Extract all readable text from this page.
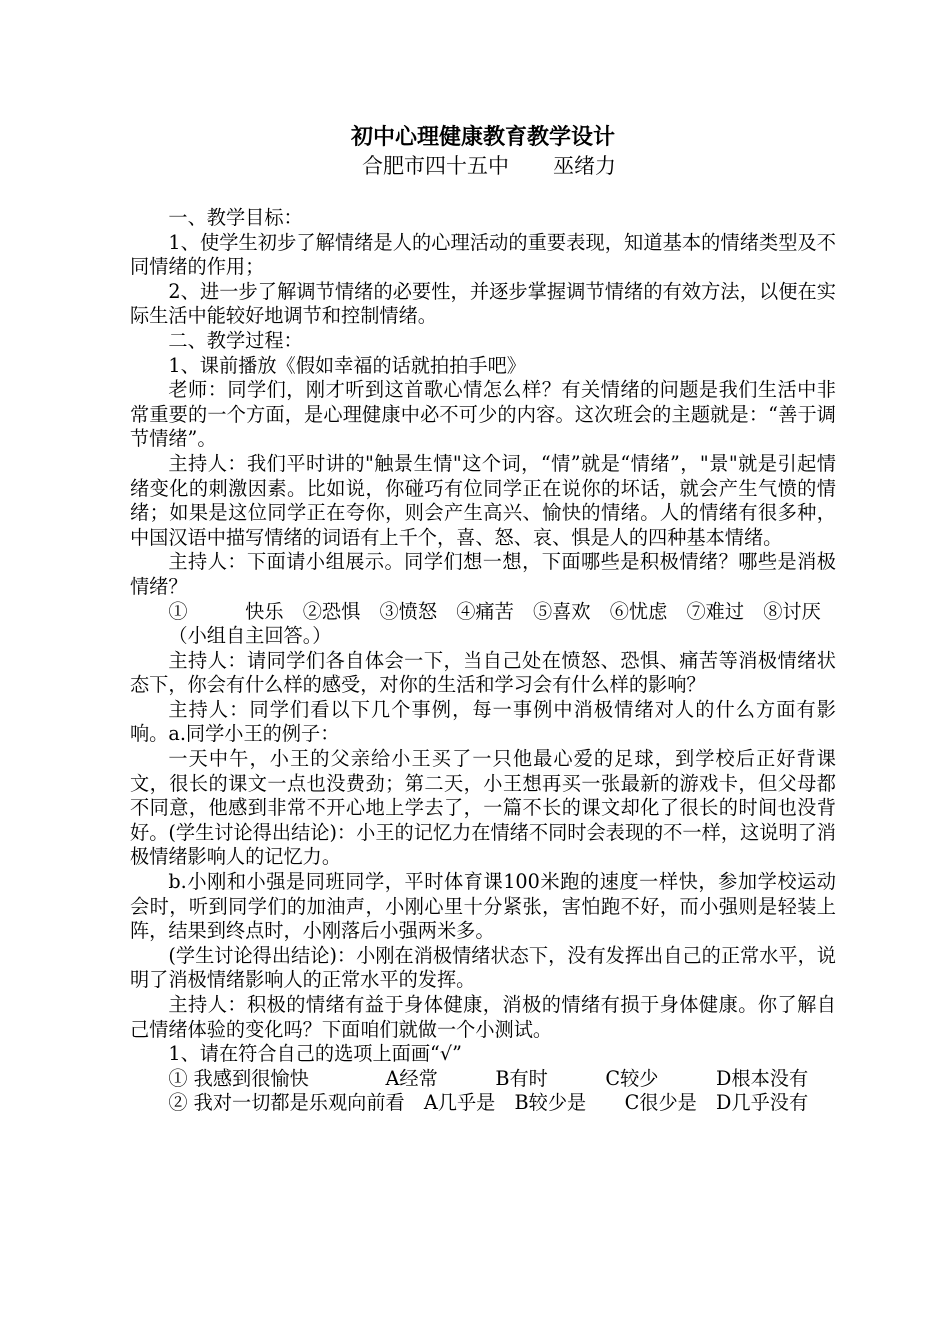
初中心理健康教育教学设计
合肥市四十五中 巫绪力

一、教学目标：

1、使学生初步了解情绪是人的心理活动的重要表现，知道基本的情绪类型及不同情绪的作用；

2、进一步了解调节情绪的必要性，并逐步掌握调节情绪的有效方法，以便在实际生活中能较好地调节和控制情绪。

二、教学过程：

1、课前播放《假如幸福的话就拍拍手吧》

老师：同学们，刚才听到这首歌心情怎么样？有关情绪的问题是我们生活中非常重要的一个方面，是心理健康中必不可少的内容。这次班会的主题就是：“善于调节情绪”。

主持人：我们平时讲的"触景生情"这个词，“情”就是“情绪”，"景"就是引起情绪变化的刺激因素。比如说，你碰巧有位同学正在说你的坏话，就会产生气愤的情绪；如果是这位同学正在夸你，则会产生高兴、愉快的情绪。人的情绪有很多种，中国汉语中描写情绪的词语有上千个，喜、怒、哀、惧是人的四种基本情绪。

主持人：下面请小组展示。同学们想一想，下面哪些是积极情绪？哪些是消极情绪？

①　　　快乐　②恐惧　③愤怒　④痛苦　⑤喜欢　⑥忧虑　⑦难过　⑧讨厌

（小组自主回答。）

主持人：请同学们各自体会一下，当自己处在愤怒、恐惧、痛苦等消极情绪状态下，你会有什么样的感受，对你的生活和学习会有什么样的影响？

主持人：同学们看以下几个事例，每一事例中消极情绪对人的什么方面有影响。a.同学小王的例子：

一天中午，小王的父亲给小王买了一只他最心爱的足球，到学校后正好背课文，很长的课文一点也没费劲；第二天，小王想再买一张最新的游戏卡，但父母都不同意，他感到非常不开心地上学去了，一篇不长的课文却化了很长的时间也没背好。(学生讨论得出结论)：小王的记忆力在情绪不同时会表现的不一样，这说明了消极情绪影响人的记忆力。

b.小刚和小强是同班同学，平时体育课100米跑的速度一样快，参加学校运动会时，听到同学们的加油声，小刚心里十分紧张，害怕跑不好，而小强则是轻装上阵，结果到终点时，小刚落后小强两米多。

(学生讨论得出结论)：小刚在消极情绪状态下，没有发挥出自己的正常水平，说明了消极情绪影响人的正常水平的发挥。

主持人：积极的情绪有益于身体健康，消极的情绪有损于身体健康。你了解自己情绪体验的变化吗？下面咱们就做一个小测试。

1、请在符合自己的选项上面画“√”

① 我感到很愉快　　　　A经常　　　B有时　　　C较少　　　D根本没有

② 我对一切都是乐观向前看　A几乎是　B较少是　　C很少是　D几乎没有
